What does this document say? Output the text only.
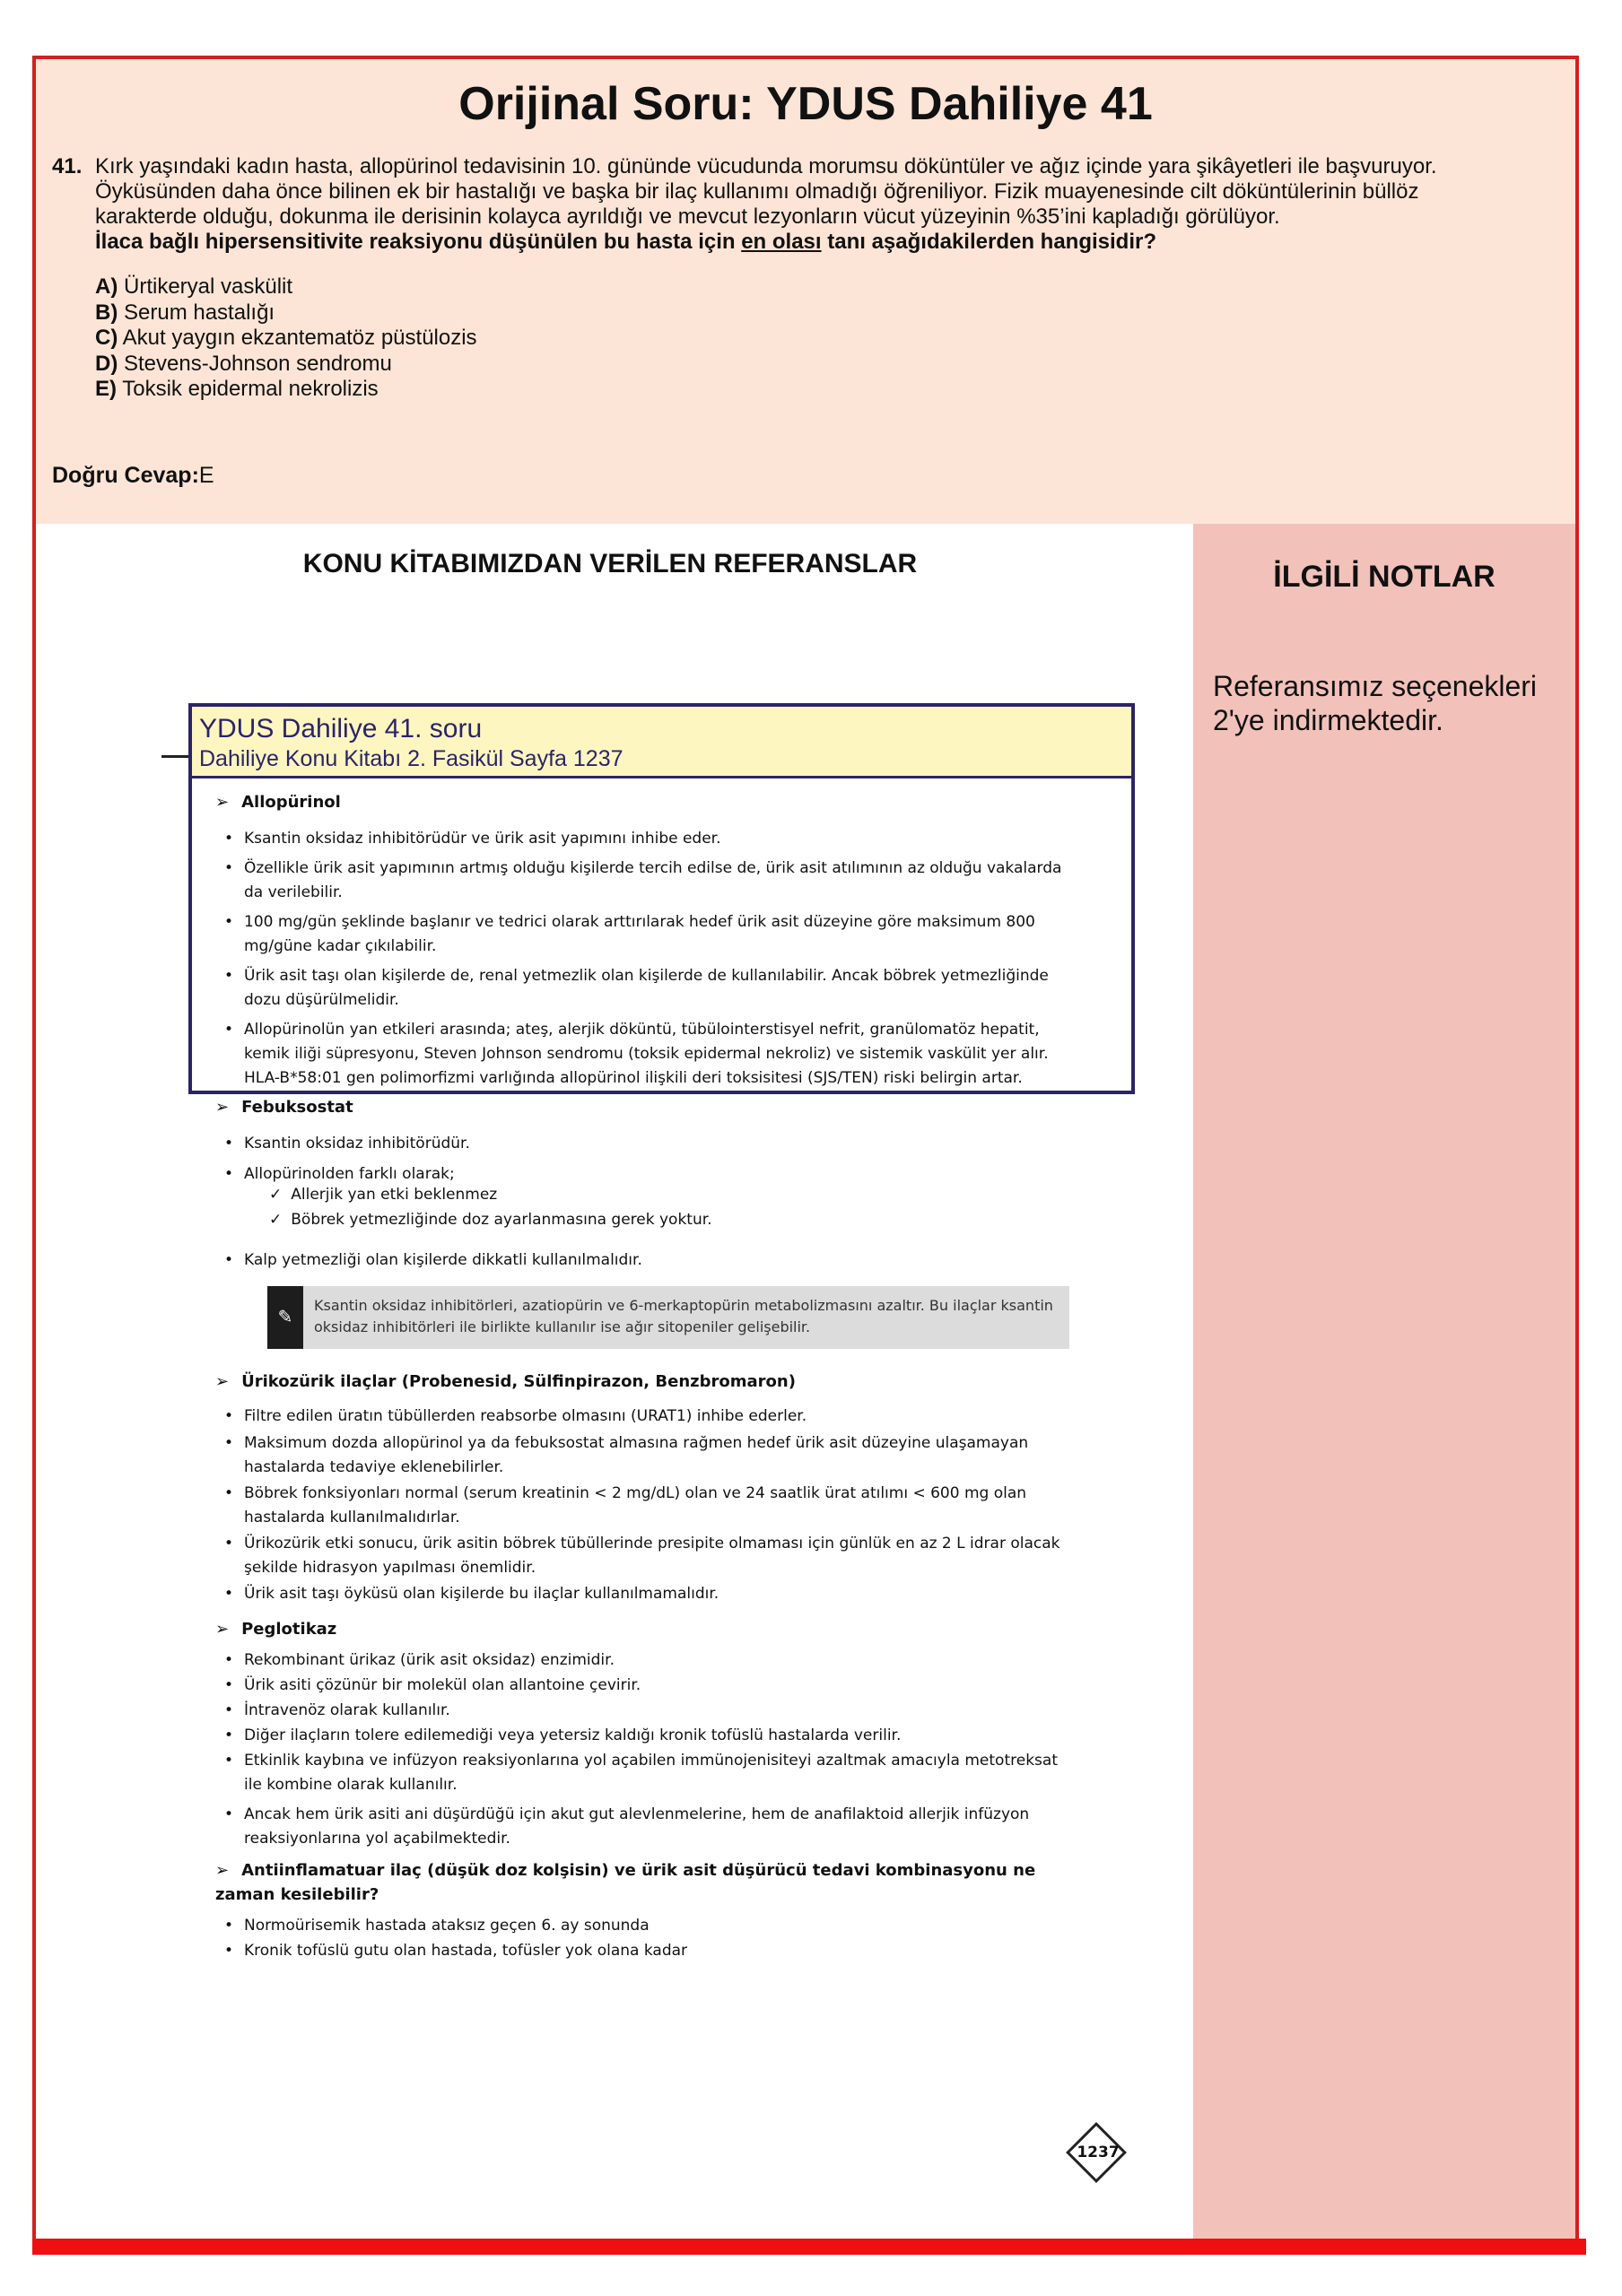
Orijinal Soru: YDUS Dahiliye 41
41. Kırk yaşındaki kadın hasta, allopürinol tedavisinin 10. gününde vücudunda morumsu döküntüler ve ağız içinde yara şikâyetleri ile başvuruyor. Öyküsünden daha önce bilinen ek bir hastalığı ve başka bir ilaç kullanımı olmadığı öğreniliyor. Fizik muayenesinde cilt döküntülerinin büllöz karakterde olduğu, dokunma ile derisinin kolayca ayrıldığı ve mevcut lezyonların vücut yüzeyinin %35’ini kapladığı görülüyor.
İlaca bağlı hipersensitivite reaksiyonu düşünülen bu hasta için en olası tanı aşağıdakilerden hangisidir?
A) Ürtikeryal vaskülit
B) Serum hastalığı
C) Akut yaygın ekzantematöz püstülozis
D) Stevens-Johnson sendromu
E) Toksik epidermal nekrolizis
Doğru Cevap:E
İLGİLİ NOTLAR
Referansımız seçenekleri 2'ye indirmektedir.
KONU KİTABIMIZDAN VERİLEN REFERANSLAR
YDUS Dahiliye 41. soru
Dahiliye Konu Kitabı 2. Fasikül Sayfa 1237
➢ Allopürinol
• Ksantin oksidaz inhibitörüdür ve ürik asit yapımını inhibe eder.
• Özellikle ürik asit yapımının artmış olduğu kişilerde tercih edilse de, ürik asit atılımının az olduğu vakalarda da verilebilir.
• 100 mg/gün şeklinde başlanır ve tedrici olarak arttırılarak hedef ürik asit düzeyine göre maksimum 800 mg/güne kadar çıkılabilir.
• Ürik asit taşı olan kişilerde de, renal yetmezlik olan kişilerde de kullanılabilir. Ancak böbrek yetmezliğinde dozu düşürülmelidir.
• Allopürinolün yan etkileri arasında; ateş, alerjik döküntü, tübülointerstisyel nefrit, granülomatöz hepatit, kemik iliği süpresyonu, Steven Johnson sendromu (toksik epidermal nekroliz) ve sistemik vaskülit yer alır. HLA-B*58:01 gen polimorfizmi varlığında allopürinol ilişkili deri toksisitesi (SJS/TEN) riski belirgin artar.
➢ Febuksostat
• Ksantin oksidaz inhibitörüdür.
• Allopürinolden farklı olarak;
✓ Allerjik yan etki beklenmez
✓ Böbrek yetmezliğinde doz ayarlanmasına gerek yoktur.
• Kalp yetmezliği olan kişilerde dikkatli kullanılmalıdır.
✎
Ksantin oksidaz inhibitörleri, azatiopürin ve 6-merkaptopürin metabolizmasını azaltır. Bu ilaçlar ksantin oksidaz inhibitörleri ile birlikte kullanılır ise ağır sitopeniler gelişebilir.
➢ Ürikozürik ilaçlar (Probenesid, Sülfinpirazon, Benzbromaron)
• Filtre edilen üratın tübüllerden reabsorbe olmasını (URAT1) inhibe ederler.
• Maksimum dozda allopürinol ya da febuksostat almasına rağmen hedef ürik asit düzeyine ulaşamayan hastalarda tedaviye eklenebilirler.
• Böbrek fonksiyonları normal (serum kreatinin < 2 mg/dL) olan ve 24 saatlik ürat atılımı < 600 mg olan hastalarda kullanılmalıdırlar.
• Ürikozürik etki sonucu, ürik asitin böbrek tübüllerinde presipite olmaması için günlük en az 2 L idrar olacak şekilde hidrasyon yapılması önemlidir.
• Ürik asit taşı öyküsü olan kişilerde bu ilaçlar kullanılmamalıdır.
➢ Peglotikaz
• Rekombinant ürikaz (ürik asit oksidaz) enzimidir.
• Ürik asiti çözünür bir molekül olan allantoine çevirir.
• İntravenöz olarak kullanılır.
• Diğer ilaçların tolere edilemediği veya yetersiz kaldığı kronik tofüslü hastalarda verilir.
• Etkinlik kaybına ve infüzyon reaksiyonlarına yol açabilen immünojenisiteyi azaltmak amacıyla metotreksat ile kombine olarak kullanılır.
• Ancak hem ürik asiti ani düşürdüğü için akut gut alevlenmelerine, hem de anafilaktoid allerjik infüzyon reaksiyonlarına yol açabilmektedir.
➢ Antiinflamatuar ilaç (düşük doz kolşisin) ve ürik asit düşürücü tedavi kombinasyonu ne zaman kesilebilir?
• Normoürisemik hastada ataksız geçen 6. ay sonunda
• Kronik tofüslü gutu olan hastada, tofüsler yok olana kadar
1237
